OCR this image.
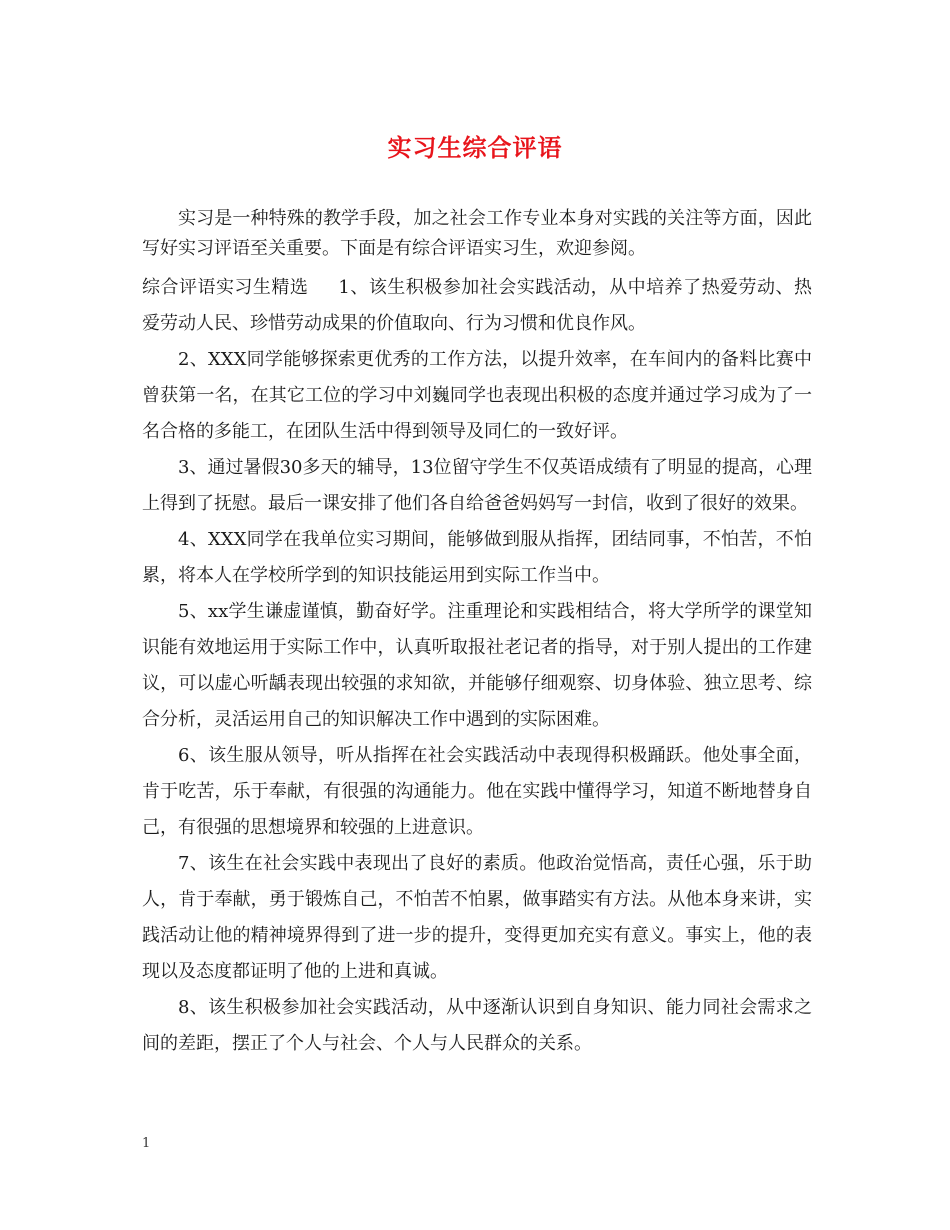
实习生综合评语

实习是一种特殊的教学手段，加之社会工作专业本身对实践的关注等方面，因此写好实习评语至关重要。下面是有综合评语实习生，欢迎参阅。

综合评语实习生精选 1、该生积极参加社会实践活动，从中培养了热爱劳动、热爱劳动人民、珍惜劳动成果的价值取向、行为习惯和优良作风。

2、XXX同学能够探索更优秀的工作方法，以提升效率，在车间内的备料比赛中曾获第一名，在其它工位的学习中刘巍同学也表现出积极的态度并通过学习成为了一名合格的多能工，在团队生活中得到领导及同仁的一致好评。

3、通过暑假30多天的辅导，13位留守学生不仅英语成绩有了明显的提高，心理上得到了抚慰。最后一课安排了他们各自给爸爸妈妈写一封信，收到了很好的效果。

4、XXX同学在我单位实习期间，能够做到服从指挥，团结同事，不怕苦，不怕累，将本人在学校所学到的知识技能运用到实际工作当中。

5、xx学生谦虚谨慎，勤奋好学。注重理论和实践相结合，将大学所学的课堂知识能有效地运用于实际工作中，认真听取报社老记者的指导，对于别人提出的工作建议，可以虚心听龋表现出较强的求知欲，并能够仔细观察、切身体验、独立思考、综合分析，灵活运用自己的知识解决工作中遇到的实际困难。

6、该生服从领导，听从指挥在社会实践活动中表现得积极踊跃。他处事全面，肯于吃苦，乐于奉献，有很强的沟通能力。他在实践中懂得学习，知道不断地替身自己，有很强的思想境界和较强的上进意识。

7、该生在社会实践中表现出了良好的素质。他政治觉悟高，责任心强，乐于助人，肯于奉献，勇于锻炼自己，不怕苦不怕累，做事踏实有方法。从他本身来讲，实践活动让他的精神境界得到了进一步的提升，变得更加充实有意义。事实上，他的表现以及态度都证明了他的上进和真诚。

8、该生积极参加社会实践活动，从中逐渐认识到自身知识、能力同社会需求之间的差距，摆正了个人与社会、个人与人民群众的关系。

1
